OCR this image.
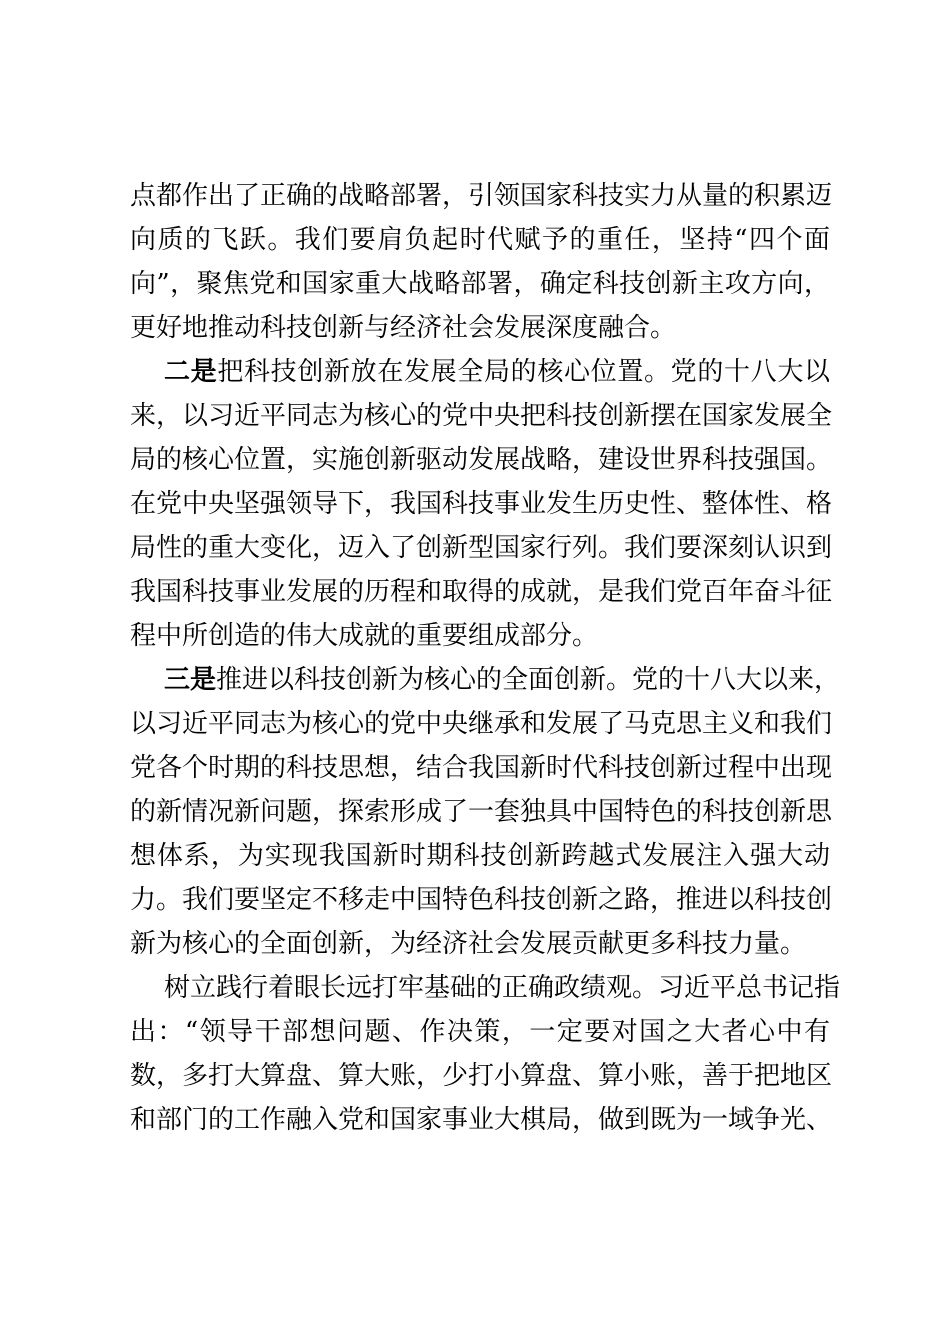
点都作出了正确的战略部署，引领国家科技实力从量的积累迈
向质的飞跃。我们要肩负起时代赋予的重任，坚持“四个面
向”，聚焦党和国家重大战略部署，确定科技创新主攻方向，
更好地推动科技创新与经济社会发展深度融合。
二是把科技创新放在发展全局的核心位置。党的十八大以
来，以习近平同志为核心的党中央把科技创新摆在国家发展全
局的核心位置，实施创新驱动发展战略，建设世界科技强国。
在党中央坚强领导下，我国科技事业发生历史性、整体性、格
局性的重大变化，迈入了创新型国家行列。我们要深刻认识到
我国科技事业发展的历程和取得的成就，是我们党百年奋斗征
程中所创造的伟大成就的重要组成部分。
三是推进以科技创新为核心的全面创新。党的十八大以来，
以习近平同志为核心的党中央继承和发展了马克思主义和我们
党各个时期的科技思想，结合我国新时代科技创新过程中出现
的新情况新问题，探索形成了一套独具中国特色的科技创新思
想体系，为实现我国新时期科技创新跨越式发展注入强大动
力。我们要坚定不移走中国特色科技创新之路，推进以科技创
新为核心的全面创新，为经济社会发展贡献更多科技力量。
树立践行着眼长远打牢基础的正确政绩观。习近平总书记指
出：“领导干部想问题、作决策，一定要对国之大者心中有
数，多打大算盘、算大账，少打小算盘、算小账，善于把地区
和部门的工作融入党和国家事业大棋局，做到既为一域争光、
